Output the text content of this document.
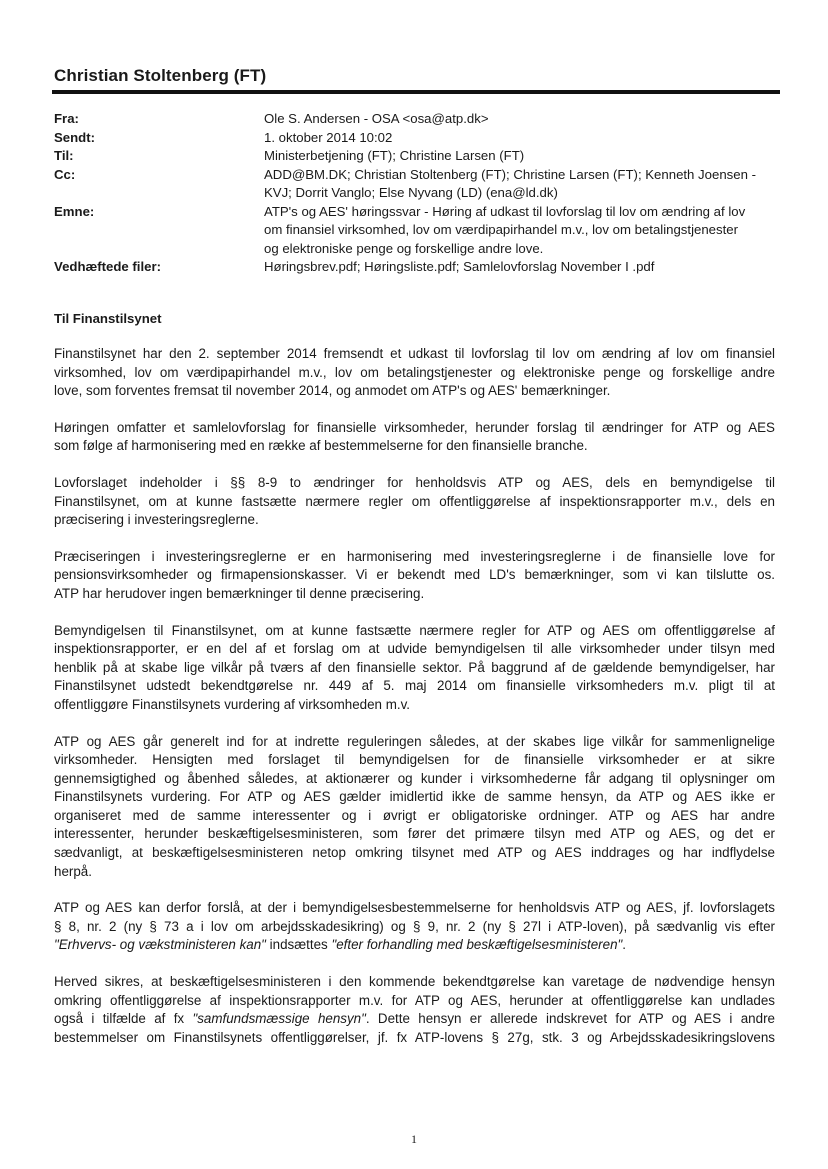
Christian Stoltenberg (FT)
Fra:	Ole S. Andersen - OSA <osa@atp.dk>
Sendt:	1. oktober 2014 10:02
Til:	Ministerbetjening (FT); Christine Larsen (FT)
Cc:	ADD@BM.DK; Christian Stoltenberg (FT); Christine Larsen (FT); Kenneth Joensen -
KVJ; Dorrit Vanglo; Else Nyvang (LD) (ena@ld.dk)
Emne:	ATP's og AES' høringssvar - Høring af udkast til lovforslag til lov om ændring af lov
om finansiel virksomhed, lov om værdipapirhandel m.v., lov om betalingstjenester
og elektroniske penge og forskellige andre love.
Vedhæftede filer:	Høringsbrev.pdf; Høringsliste.pdf; Samlelovforslag November I .pdf
Til Finanstilsynet
Finanstilsynet har den 2. september 2014 fremsendt et udkast til lovforslag til lov om ændring af lov om finansiel
virksomhed, lov om værdipapirhandel m.v., lov om betalingstjenester og elektroniske penge og forskellige andre
love, som forventes fremsat til november 2014, og anmodet om ATP's og AES' bemærkninger.
Høringen omfatter et samlelovforslag for finansielle virksomheder, herunder forslag til ændringer for ATP og AES
som følge af harmonisering med en række af bestemmelserne for den finansielle branche.
Lovforslaget indeholder i §§ 8-9 to ændringer for henholdsvis ATP og AES, dels en bemyndigelse til
Finanstilsynet, om at kunne fastsætte nærmere regler om offentliggørelse af inspektionsrapporter m.v., dels en
præcisering i investeringsreglerne.
Præciseringen i investeringsreglerne er en harmonisering med investeringsreglerne i de finansielle love for
pensionsvirksomheder og firmapensionskasser. Vi er bekendt med LD's bemærkninger, som vi kan tilslutte os.
ATP har herudover ingen bemærkninger til denne præcisering.
Bemyndigelsen til Finanstilsynet, om at kunne fastsætte nærmere regler for ATP og AES om offentliggørelse af
inspektionsrapporter, er en del af et forslag om at udvide bemyndigelsen til alle virksomheder under tilsyn med
henblik på at skabe lige vilkår på tværs af den finansielle sektor. På baggrund af de gældende bemyndigelser, har
Finanstilsynet udstedt bekendtgørelse nr. 449 af 5. maj 2014 om finansielle virksomheders m.v. pligt til at
offentliggøre Finanstilsynets vurdering af virksomheden m.v.
ATP og AES går generelt ind for at indrette reguleringen således, at der skabes lige vilkår for sammenlignelige
virksomheder. Hensigten med forslaget til bemyndigelsen for de finansielle virksomheder er at sikre
gennemsigtighed og åbenhed således, at aktionærer og kunder i virksomhederne får adgang til oplysninger om
Finanstilsynets vurdering. For ATP og AES gælder imidlertid ikke de samme hensyn, da ATP og AES ikke er
organiseret med de samme interessenter og i øvrigt er obligatoriske ordninger. ATP og AES har andre
interessenter, herunder beskæftigelsesministeren, som fører det primære tilsyn med ATP og AES, og det er
sædvanligt, at beskæftigelsesministeren netop omkring tilsynet med ATP og AES inddrages og har indflydelse
herpå.
ATP og AES kan derfor forslå, at der i bemyndigelsesbestemmelserne for henholdsvis ATP og AES, jf. lovforslagets
§ 8, nr. 2 (ny § 73 a i lov om arbejdsskadesikring) og § 9, nr. 2 (ny § 27l i ATP-loven), på sædvanlig vis efter
"Erhvervs- og vækstministeren kan" indsættes "efter forhandling med beskæftigelsesministeren".
Herved sikres, at beskæftigelsesministeren i den kommende bekendtgørelse kan varetage de nødvendige hensyn
omkring offentliggørelse af inspektionsrapporter m.v. for ATP og AES, herunder at offentliggørelse kan undlades
også i tilfælde af fx "samfundsmæssige hensyn". Dette hensyn er allerede indskrevet for ATP og AES i andre
bestemmelser om Finanstilsynets offentliggørelser, jf. fx ATP-lovens § 27g, stk. 3 og Arbejdsskadesikringslovens
1
